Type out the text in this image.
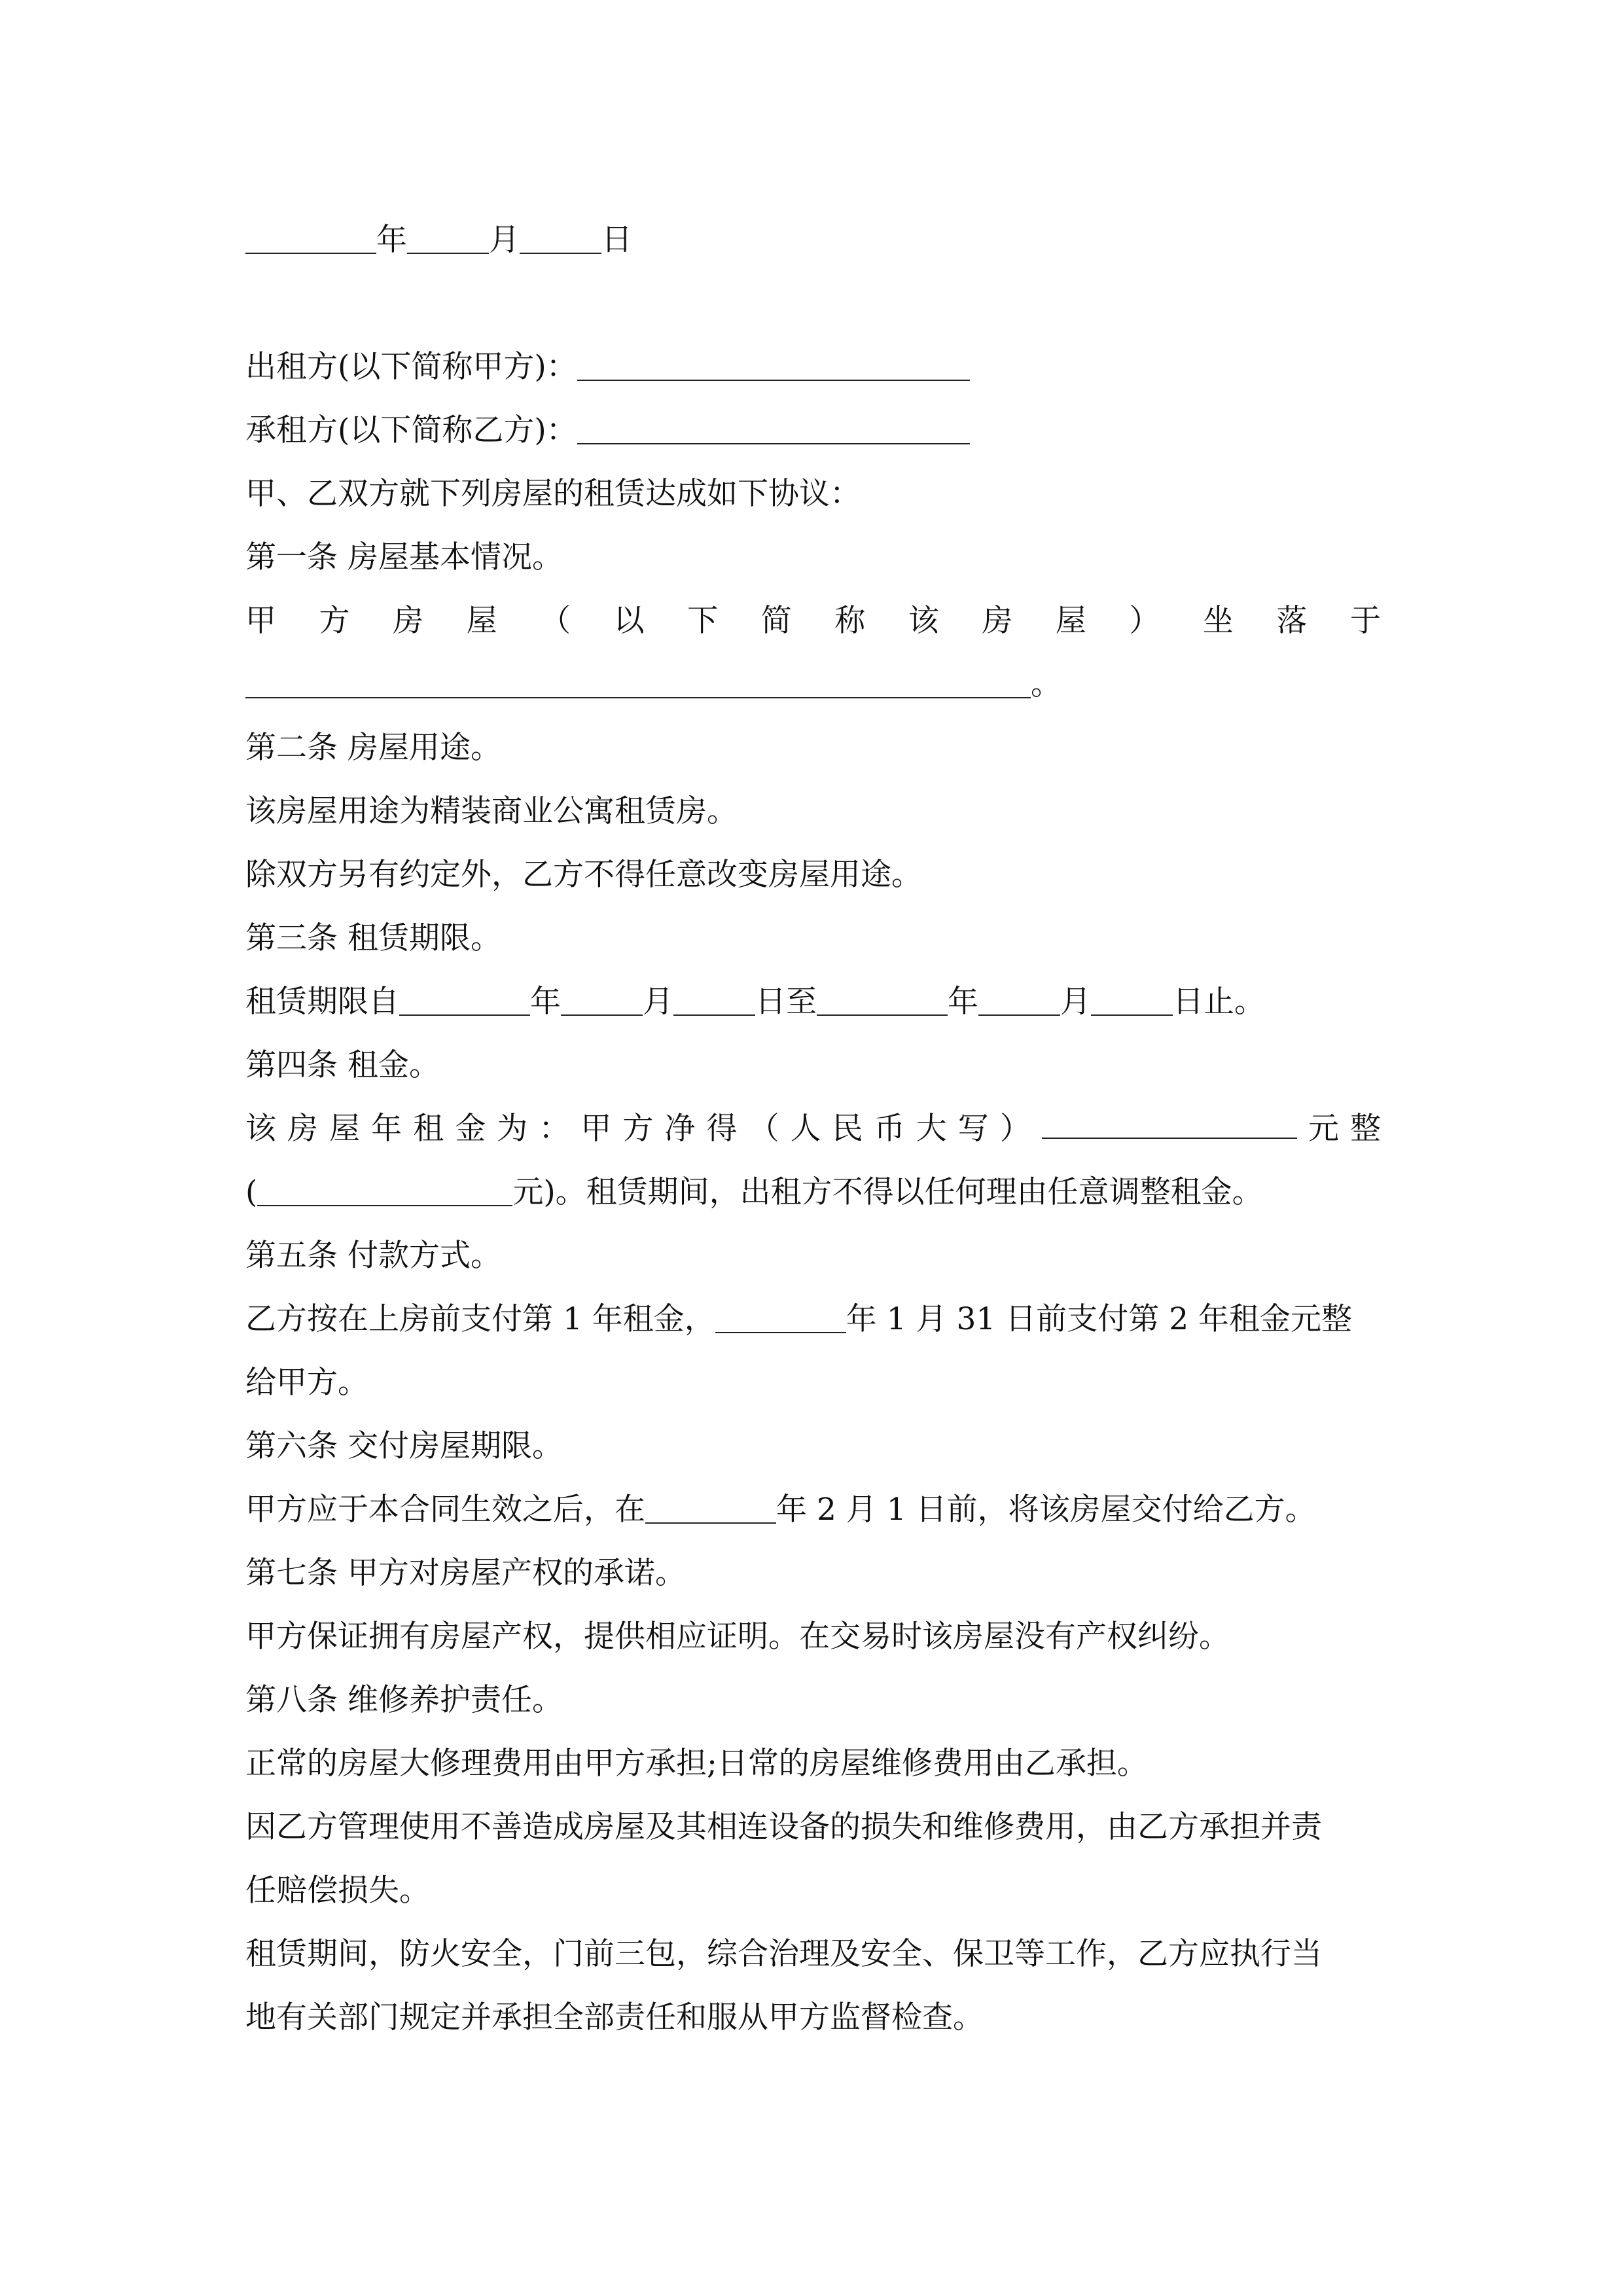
年	月	日
出租方(以下简称甲方)：
承租方(以下简称乙方)：
甲、乙双方就下列房屋的租赁达成如下协议：
第一条 房屋基本情况。
甲 方 房 屋 （ 以 下 简 称 该 房 屋 ） 坐 落 于
。
第二条 房屋用途。
该房屋用途为精装商业公寓租赁房。
除双方另有约定外，乙方不得任意改变房屋用途。
第三条 租赁期限。
租赁期限自	年	月	日至	年	月	日止。
第四条 租金。
该 房 屋 年 租 金 为 ： 甲 方 净 得 （ 人 民 币 大 写 ）	元 整
(	元)。租赁期间，出租方不得以任何理由任意调整租金。
第五条 付款方式。
乙方按在上房前支付第 1 年租金，	年 1 月 31 日前支付第 2 年租金元整
给甲方。
第六条 交付房屋期限。
甲方应于本合同生效之后，在	年 2 月 1 日前，将该房屋交付给乙方。
第七条 甲方对房屋产权的承诺。
甲方保证拥有房屋产权，提供相应证明。在交易时该房屋没有产权纠纷。
第八条 维修养护责任。
正常的房屋大修理费用由甲方承担;日常的房屋维修费用由乙承担。
因乙方管理使用不善造成房屋及其相连设备的损失和维修费用，由乙方承担并责
任赔偿损失。
租赁期间，防火安全，门前三包，综合治理及安全、保卫等工作，乙方应执行当
地有关部门规定并承担全部责任和服从甲方监督检查。
